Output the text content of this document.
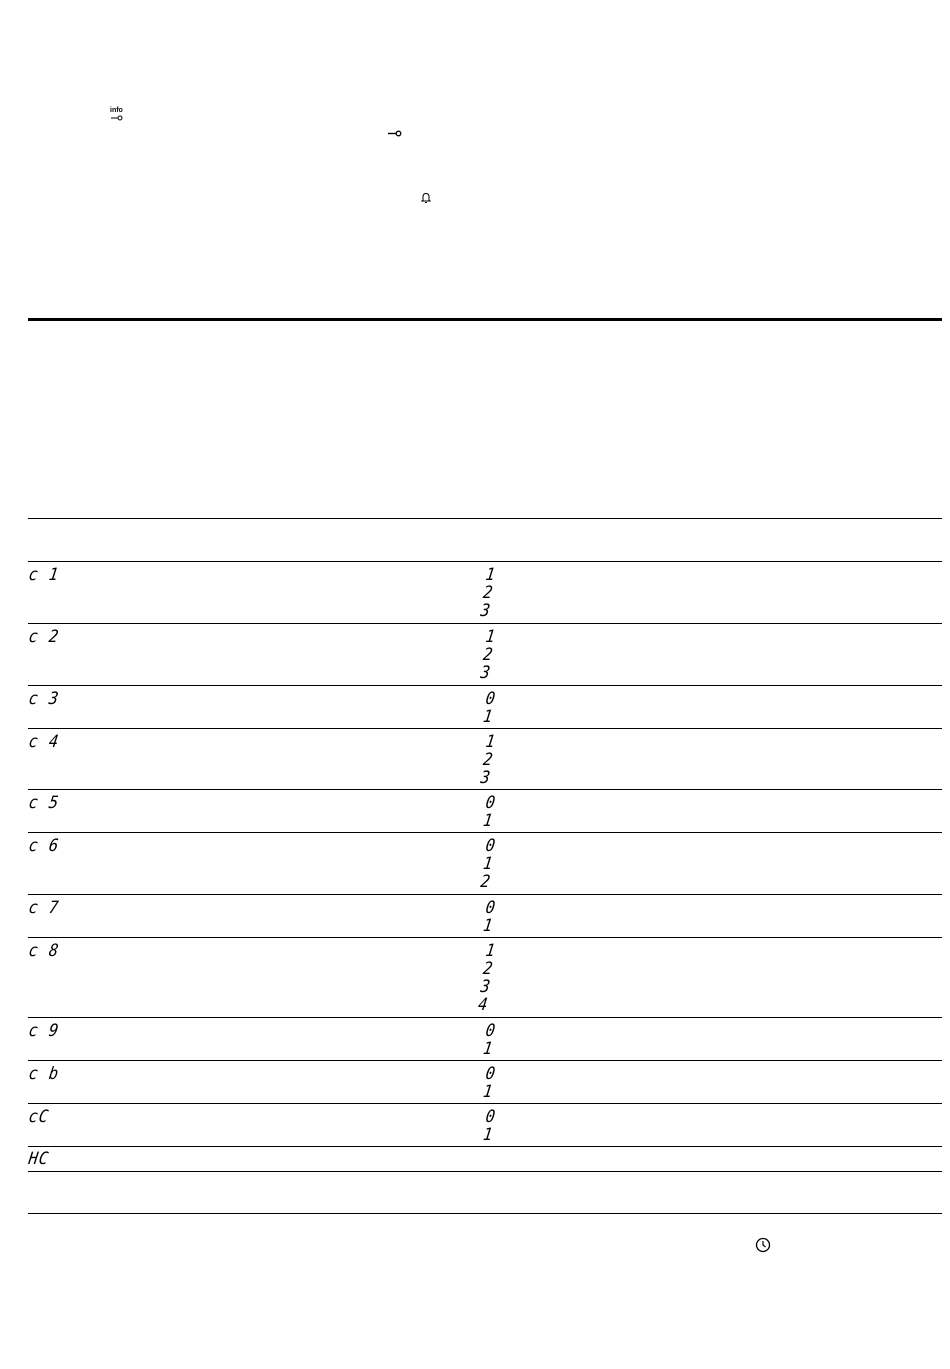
info
c 1	1
2
3
c 2	1
2
3
c 3	0
1
c 4	1
2
3
c 5	0
1
c 6	0
1
2
c 7	0
1
c 8	1
2
3
4
c 9	0
1
c b	0
1
cC	0
1
HC
